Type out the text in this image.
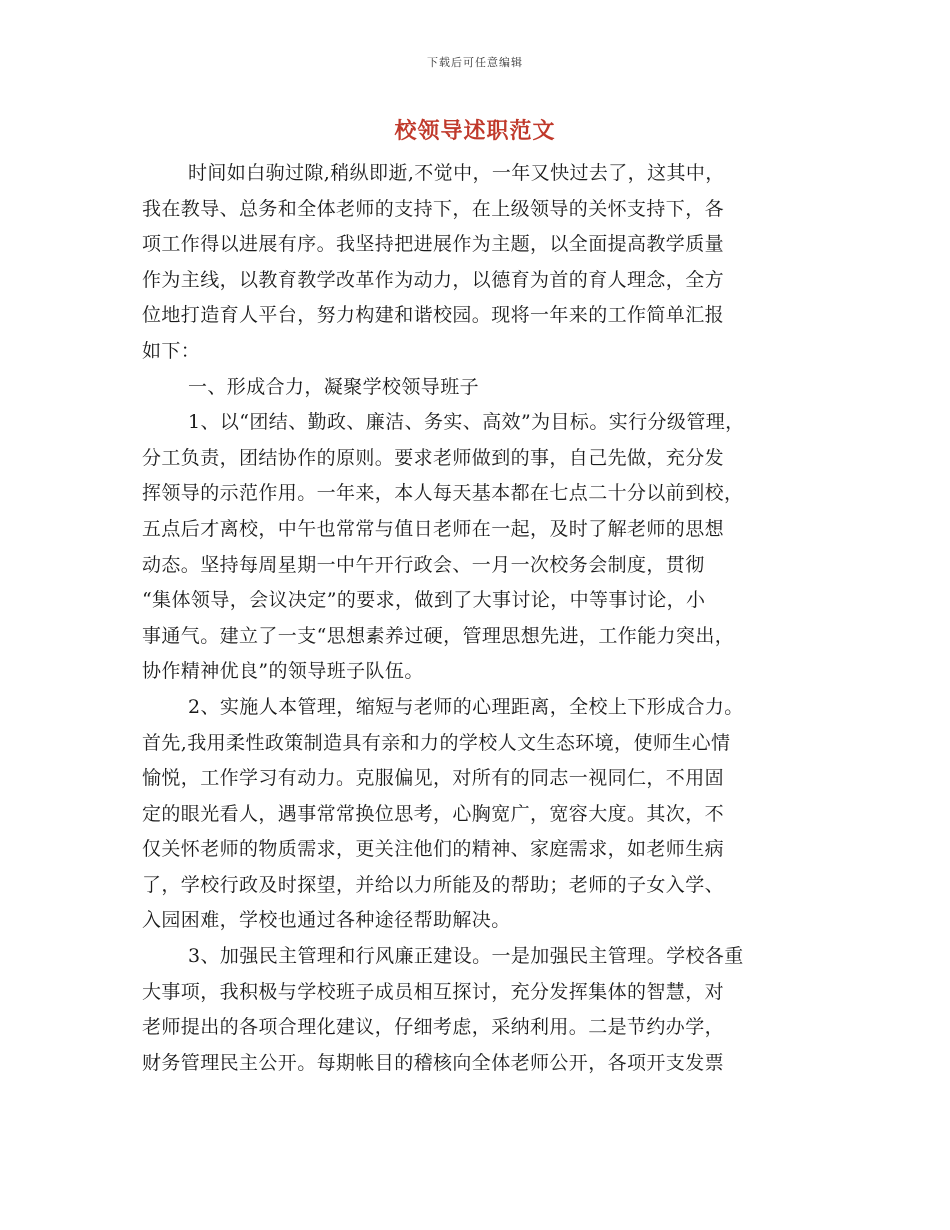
下载后可任意编辑
校领导述职范文
时间如白驹过隙,稍纵即逝,不觉中，一年又快过去了，这其中，
我在教导、总务和全体老师的支持下，在上级领导的关怀支持下，各
项工作得以进展有序。我坚持把进展作为主题，以全面提高教学质量
作为主线，以教育教学改革作为动力，以德育为首的育人理念，全方
位地打造育人平台，努力构建和谐校园。现将一年来的工作简单汇报
如下：
一、形成合力，凝聚学校领导班子
1、以“团结、勤政、廉洁、务实、高效”为目标。实行分级管理，
分工负责，团结协作的原则。要求老师做到的事，自己先做，充分发
挥领导的示范作用。一年来，本人每天基本都在七点二十分以前到校，
五点后才离校，中午也常常与值日老师在一起，及时了解老师的思想
动态。坚持每周星期一中午开行政会、一月一次校务会制度，贯彻
“集体领导，会议决定”的要求，做到了大事讨论，中等事讨论，小
事通气。建立了一支“思想素养过硬，管理思想先进，工作能力突出，
协作精神优良”的领导班子队伍。
2、实施人本管理，缩短与老师的心理距离，全校上下形成合力。
首先,我用柔性政策制造具有亲和力的学校人文生态环境，使师生心情
愉悦，工作学习有动力。克服偏见，对所有的同志一视同仁，不用固
定的眼光看人，遇事常常换位思考，心胸宽广，宽容大度。其次，不
仅关怀老师的物质需求，更关注他们的精神、家庭需求，如老师生病
了，学校行政及时探望，并给以力所能及的帮助；老师的子女入学、
入园困难，学校也通过各种途径帮助解决。
3、加强民主管理和行风廉正建设。一是加强民主管理。学校各重
大事项，我积极与学校班子成员相互探讨，充分发挥集体的智慧，对
老师提出的各项合理化建议，仔细考虑，采纳利用。二是节约办学，
财务管理民主公开。每期帐目的稽核向全体老师公开，各项开支发票
